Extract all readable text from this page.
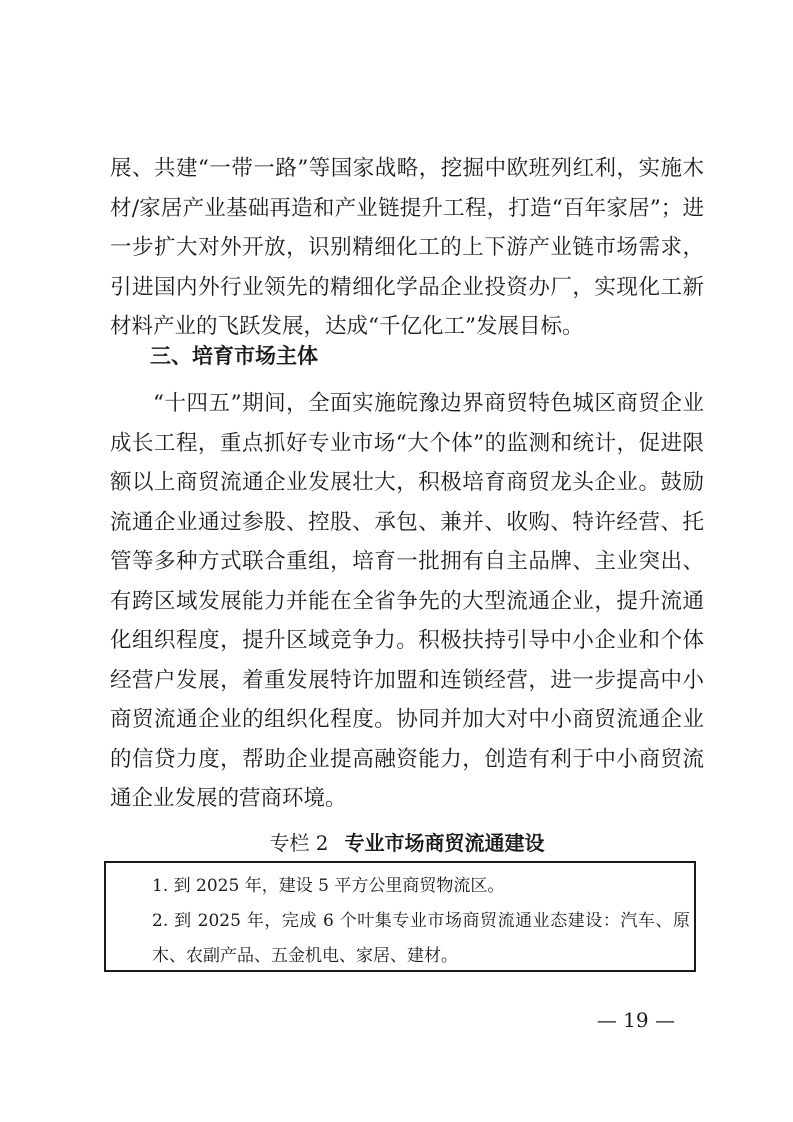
展、共建“一带一路”等国家战略，挖掘中欧班列红利，实施木材/家居产业基础再造和产业链提升工程，打造“百年家居”；进一步扩大对外开放，识别精细化工的上下游产业链市场需求，引进国内外行业领先的精细化学品企业投资办厂，实现化工新材料产业的飞跃发展，达成“千亿化工”发展目标。

三、培育市场主体

“十四五”期间，全面实施皖豫边界商贸特色城区商贸企业成长工程，重点抓好专业市场“大个体”的监测和统计，促进限额以上商贸流通企业发展壮大，积极培育商贸龙头企业。鼓励流通企业通过参股、控股、承包、兼并、收购、特许经营、托管等多种方式联合重组，培育一批拥有自主品牌、主业突出、有跨区域发展能力并能在全省争先的大型流通企业，提升流通化组织程度，提升区域竞争力。积极扶持引导中小企业和个体经营户发展，着重发展特许加盟和连锁经营，进一步提高中小商贸流通企业的组织化程度。协同并加大对中小商贸流通企业的信贷力度，帮助企业提高融资能力，创造有利于中小商贸流通企业发展的营商环境。

专栏 2 专业市场商贸流通建设

1. 到 2025 年，建设 5 平方公里商贸物流区。

2. 到 2025 年，完成 6 个叶集专业市场商贸流通业态建设：汽车、原木、农副产品、五金机电、家居、建材。

— 19 —
